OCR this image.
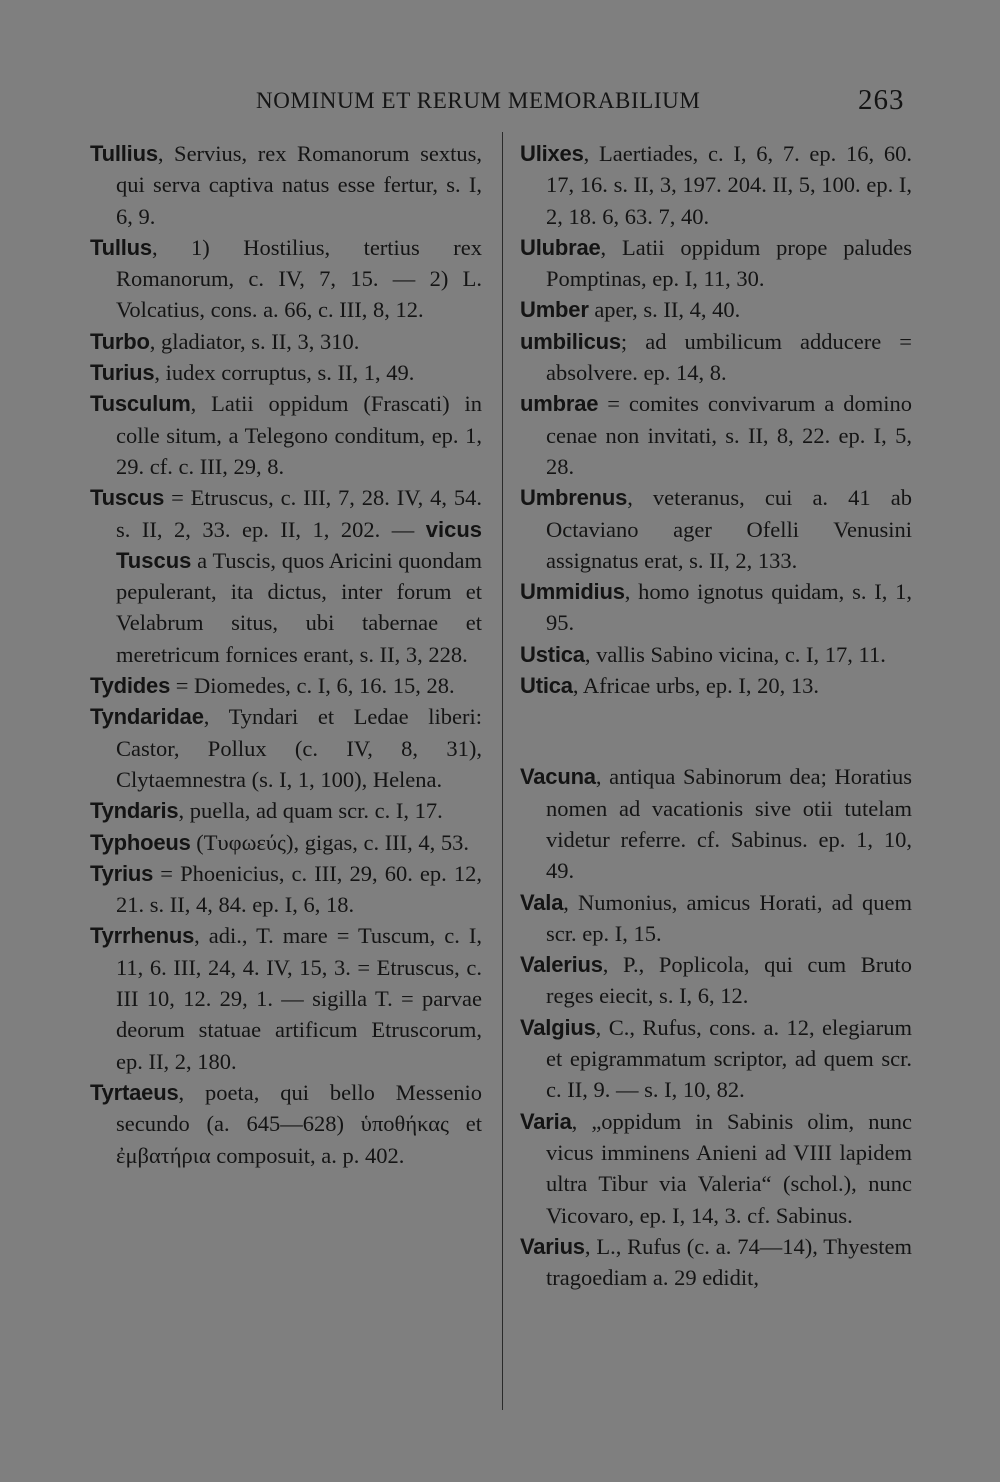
NOMINUM ET RERUM MEMORABILIUM	263

Tullius, Servius, rex Romanorum sextus, qui serva captiva natus esse fertur, s. I, 6, 9.

Tullus, 1) Hostilius, tertius rex Romanorum, c. IV, 7, 15. — 2) L. Volcatius, cons. a. 66, c. III, 8, 12.

Turbo, gladiator, s. II, 3, 310.

Turius, iudex corruptus, s. II, 1, 49.

Tusculum, Latii oppidum (Frascati) in colle situm, a Telegono conditum, ep. 1, 29. cf. c. III, 29, 8.

Tuscus = Etruscus, c. III, 7, 28. IV, 4, 54. s. II, 2, 33. ep. II, 1, 202. — vicus Tuscus a Tuscis, quos Aricini quondam pepulerant, ita dictus, inter forum et Velabrum situs, ubi tabernae et meretricum fornices erant, s. II, 3, 228.

Tydides = Diomedes, c. I, 6, 16. 15, 28.

Tyndaridae, Tyndari et Ledae liberi: Castor, Pollux (c. IV, 8, 31), Clytaemnestra (s. I, 1, 100), Helena.

Tyndaris, puella, ad quam scr. c. I, 17.

Typhoeus (Τυφωεύς), gigas, c. III, 4, 53.

Tyrius = Phoenicius, c. III, 29, 60. ep. 12, 21. s. II, 4, 84. ep. I, 6, 18.

Tyrrhenus, adi., T. mare = Tuscum, c. I, 11, 6. III, 24, 4. IV, 15, 3. = Etruscus, c. III 10, 12. 29, 1. — sigilla T. = parvae deorum statuae artificum Etruscorum, ep. II, 2, 180.

Tyrtaeus, poeta, qui bello Messenio secundo (a. 645—628) ὑποθήκας et ἐμβατήρια composuit, a. p. 402.

Ulixes, Laertiades, c. I, 6, 7. ep. 16, 60. 17, 16. s. II, 3, 197. 204. II, 5, 100. ep. I, 2, 18. 6, 63. 7, 40.

Ulubrae, Latii oppidum prope paludes Pomptinas, ep. I, 11, 30.

Umber aper, s. II, 4, 40.

umbilicus; ad umbilicum adducere = absolvere. ep. 14, 8.

umbrae = comites convivarum a domino cenae non invitati, s. II, 8, 22. ep. I, 5, 28.

Umbrenus, veteranus, cui a. 41 ab Octaviano ager Ofelli Venusini assignatus erat, s. II, 2, 133.

Ummidius, homo ignotus quidam, s. I, 1, 95.

Ustica, vallis Sabino vicina, c. I, 17, 11.

Utica, Africae urbs, ep. I, 20, 13.

Vacuna, antiqua Sabinorum dea; Horatius nomen ad vacationis sive otii tutelam videtur referre. cf. Sabinus. ep. 1, 10, 49.

Vala, Numonius, amicus Horati, ad quem scr. ep. I, 15.

Valerius, P., Poplicola, qui cum Bruto reges eiecit, s. I, 6, 12.

Valgius, C., Rufus, cons. a. 12, elegiarum et epigrammatum scriptor, ad quem scr. c. II, 9. — s. I, 10, 82.

Varia, „oppidum in Sabinis olim, nunc vicus imminens Anieni ad VIII lapidem ultra Tibur via Valeria“ (schol.), nunc Vicovaro, ep. I, 14, 3. cf. Sabinus.

Varius, L., Rufus (c. a. 74—14), Thyestem tragoediam a. 29 edidit,
